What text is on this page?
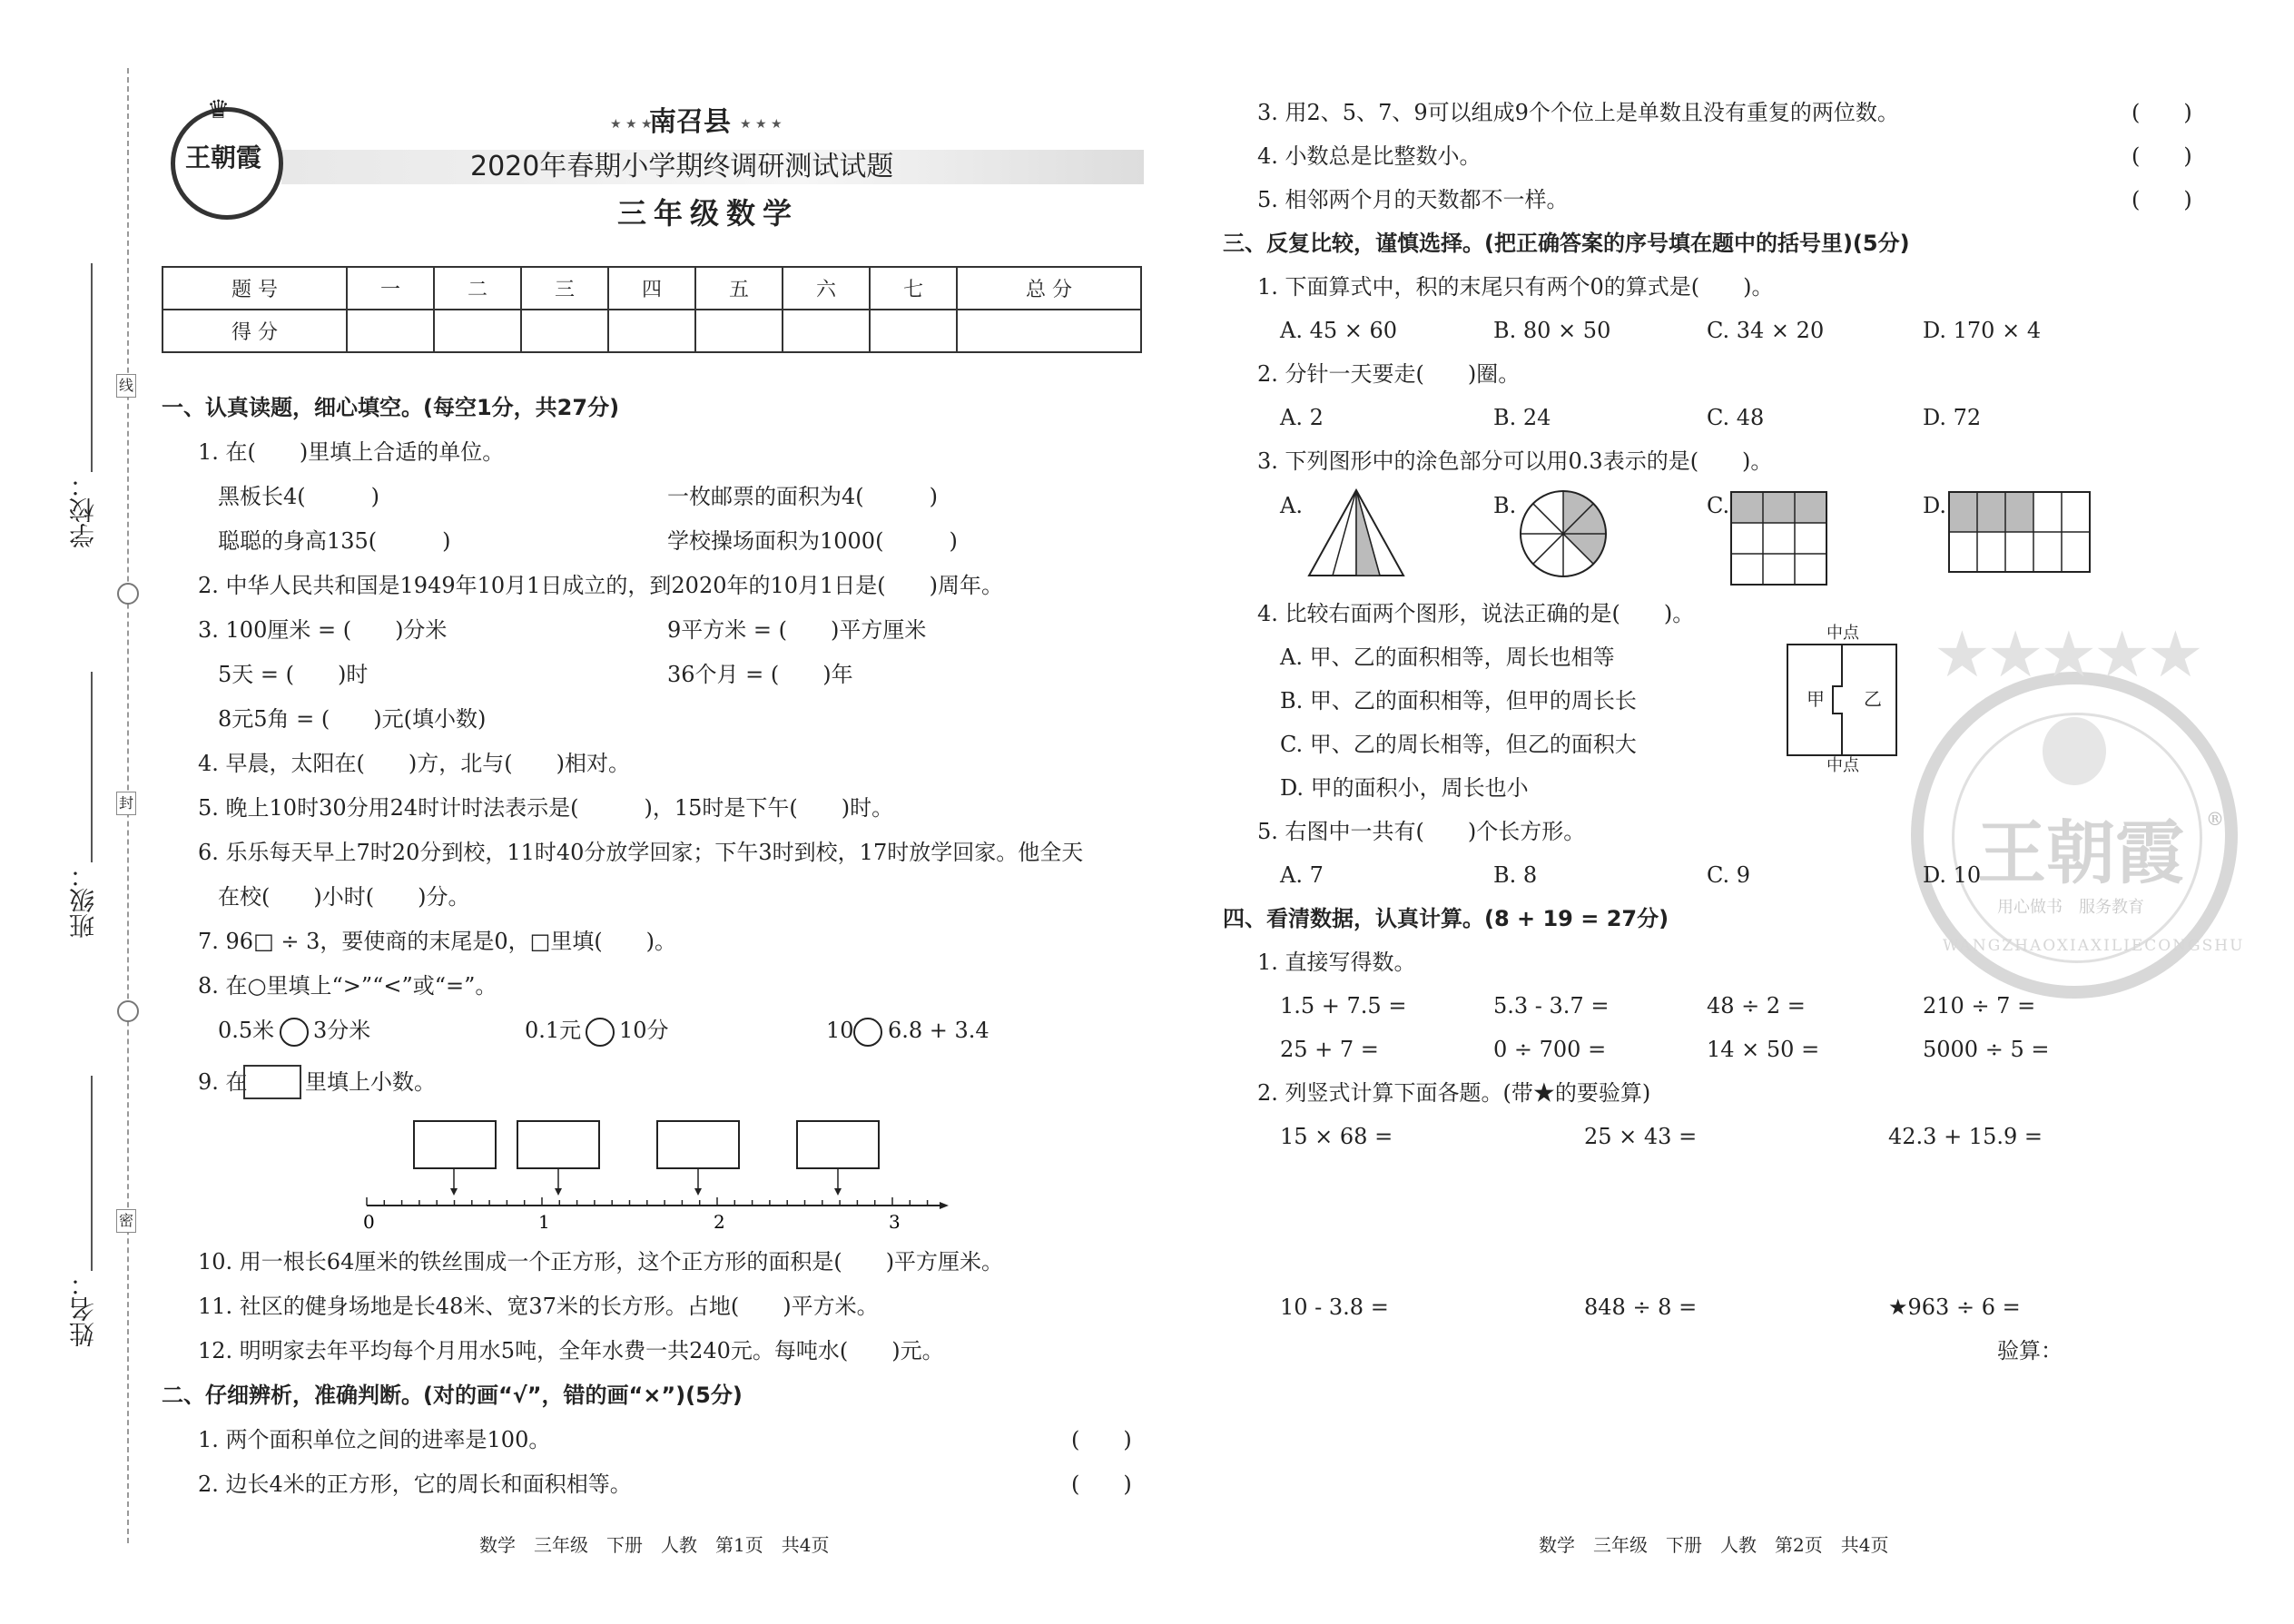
学校：
班级：
姓名：
线
封
密
♛
王朝霞
★ ★ ★
南召县 ★ ★ ★
2020年春期小学期终调研测试试题
三年级数学
题 号	一	二	三	四	五	六	七	总 分
得 分								
一、认真读题，细心填空。(每空1分，共27分)
1. 在(　　)里填上合适的单位。
黑板长4(　　　)	一枚邮票的面积为4(　　　)
聪聪的身高135(　　　)	学校操场面积为1000(　　　)
2. 中华人民共和国是1949年10月1日成立的，到2020年的10月1日是(　　)周年。
3. 100厘米 = (　　)分米	9平方米 = (　　)平方厘米
5天 = (　　)时	36个月 = (　　)年
8元5角 = (　　)元(填小数)
4. 早晨，太阳在(　　)方，北与(　　)相对。
5. 晚上10时30分用24时计时法表示是(　　　)，15时是下午(　　)时。
6. 乐乐每天早上7时20分到校，11时40分放学回家；下午3时到校，17时放学回家。他全天
在校(　　)小时(　　)分。
7. 96□ ÷ 3，要使商的末尾是0，□里填(　　)。
8. 在○里填上“>”“<”或“=”。
0.5米 3分米	0.1元 10分	10 6.8 + 3.4
9. 在	里填上小数。
0	1	2	3
10. 用一根长64厘米的铁丝围成一个正方形，这个正方形的面积是(　　)平方厘米。
11. 社区的健身场地是长48米、宽37米的长方形。占地(　　)平方米。
12. 明明家去年平均每个月用水5吨，全年水费一共240元。每吨水(　　)元。
二、仔细辨析，准确判断。(对的画“√”，错的画“×”)(5分)
1. 两个面积单位之间的进率是100。	(　　)
2. 边长4米的正方形，它的周长和面积相等。	(　　)
数学　三年级　下册　人教　第1页　共4页
★★★★★
王朝霞
用心做书　服务教育
WANGZHAOXIAXILIECONGSHU
®
3. 用2、5、7、9可以组成9个个位上是单数且没有重复的两位数。	(　　)
4. 小数总是比整数小。	(　　)
5. 相邻两个月的天数都不一样。	(　　)
三、反复比较，谨慎选择。(把正确答案的序号填在题中的括号里)(5分)
1. 下面算式中，积的末尾只有两个0的算式是(　　)。
A. 45 × 60	B. 80 × 50	C. 34 × 20	D. 170 × 4
2. 分针一天要走(　　)圈。
A. 2	B. 24	C. 48	D. 72
3. 下列图形中的涂色部分可以用0.3表示的是(　　)。
A.	B.	C.	D.
4. 比较右面两个图形，说法正确的是(　　)。
A. 甲、乙的面积相等，周长也相等
B. 甲、乙的面积相等，但甲的周长长
C. 甲、乙的周长相等，但乙的面积大
D. 甲的面积小，周长也小
中点
中点
甲 乙
5. 右图中一共有(　　)个长方形。
A. 7	B. 8	C. 9	D. 10
四、看清数据，认真计算。(8 + 19 = 27分)
1. 直接写得数。
1.5 + 7.5 =	5.3 - 3.7 =	48 ÷ 2 =	210 ÷ 7 =
25 + 7 =	0 ÷ 700 =	14 × 50 =	5000 ÷ 5 =
2. 列竖式计算下面各题。(带★的要验算)
15 × 68 =	25 × 43 =	42.3 + 15.9 =
10 - 3.8 =	848 ÷ 8 =	★963 ÷ 6 =
验算：
数学　三年级　下册　人教　第2页　共4页
